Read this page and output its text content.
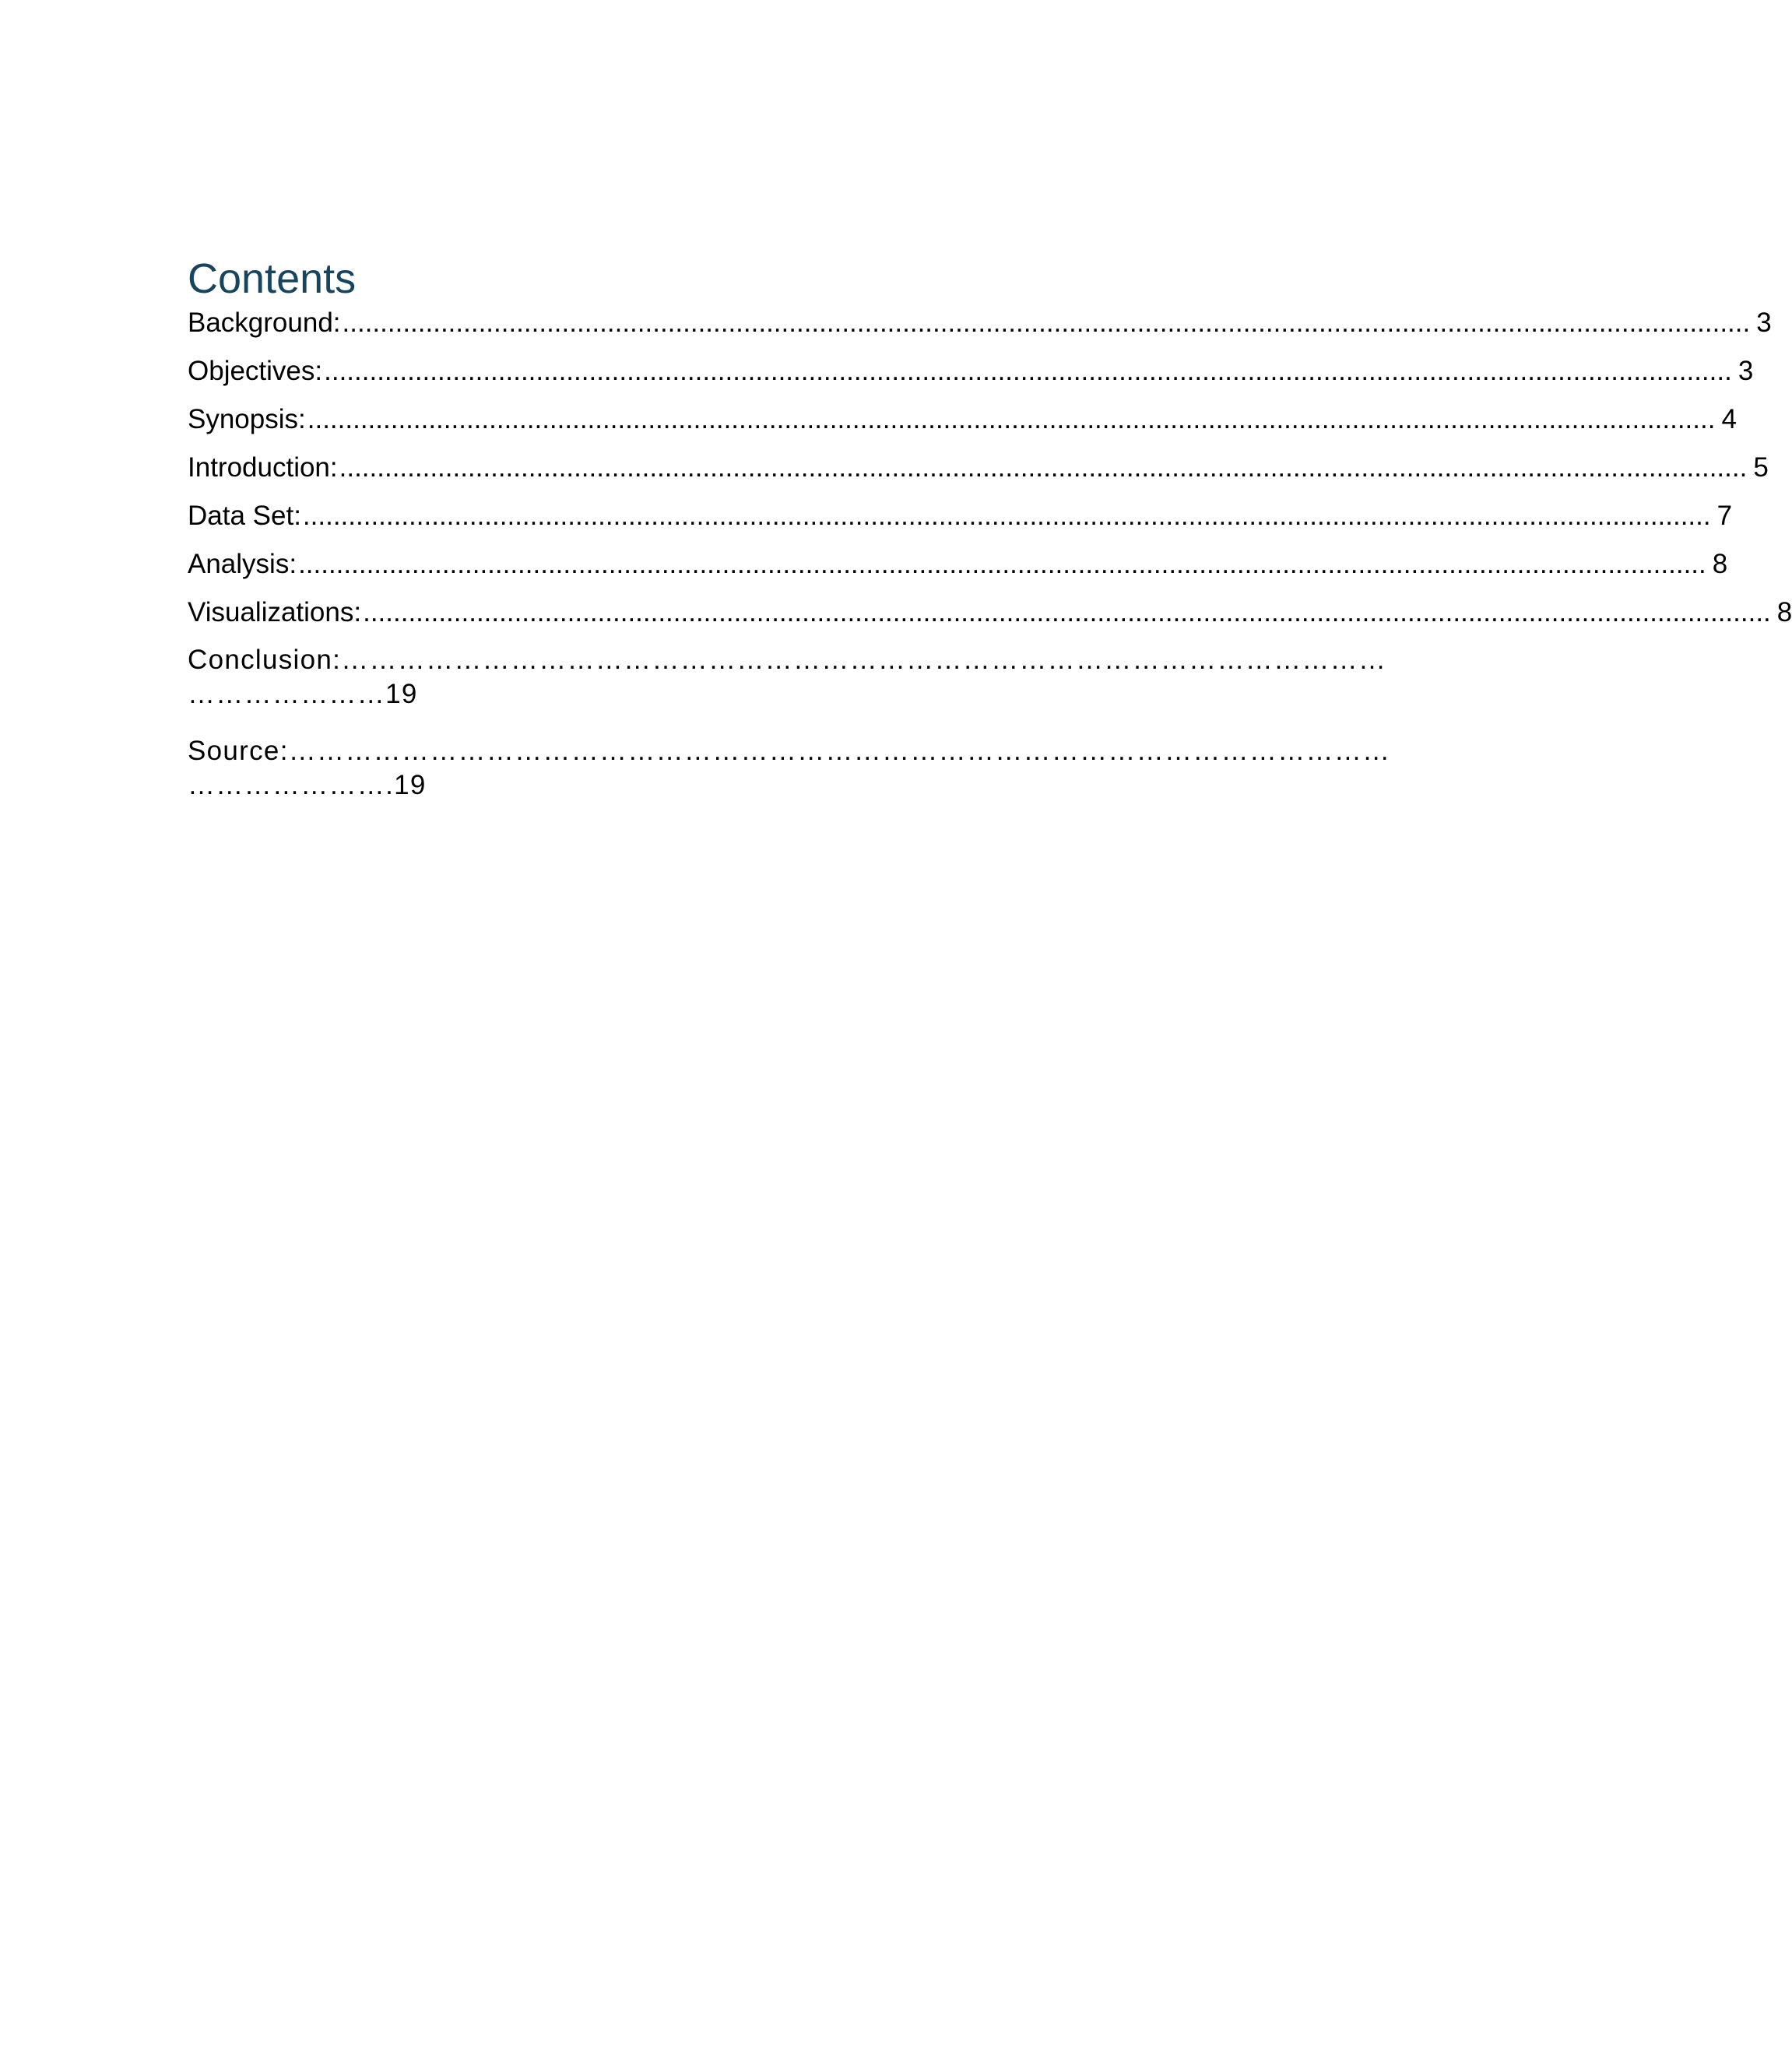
Contents
Background: .......................................................................................................................................................................................... 3
Objectives: .......................................................................................................................................................................................... 3
Synopsis: .......................................................................................................................................................................................... 4
Introduction: .......................................................................................................................................................................................... 5
Data Set: .......................................................................................................................................................................................... 7
Analysis: .......................................................................................................................................................................................... 8
Visualizations: .......................................................................................................................................................................................... 8
Conclusion:…………………………………………………………………………………………………
…………………19
Source:………………………………………………………………………………………………………
………………….19
